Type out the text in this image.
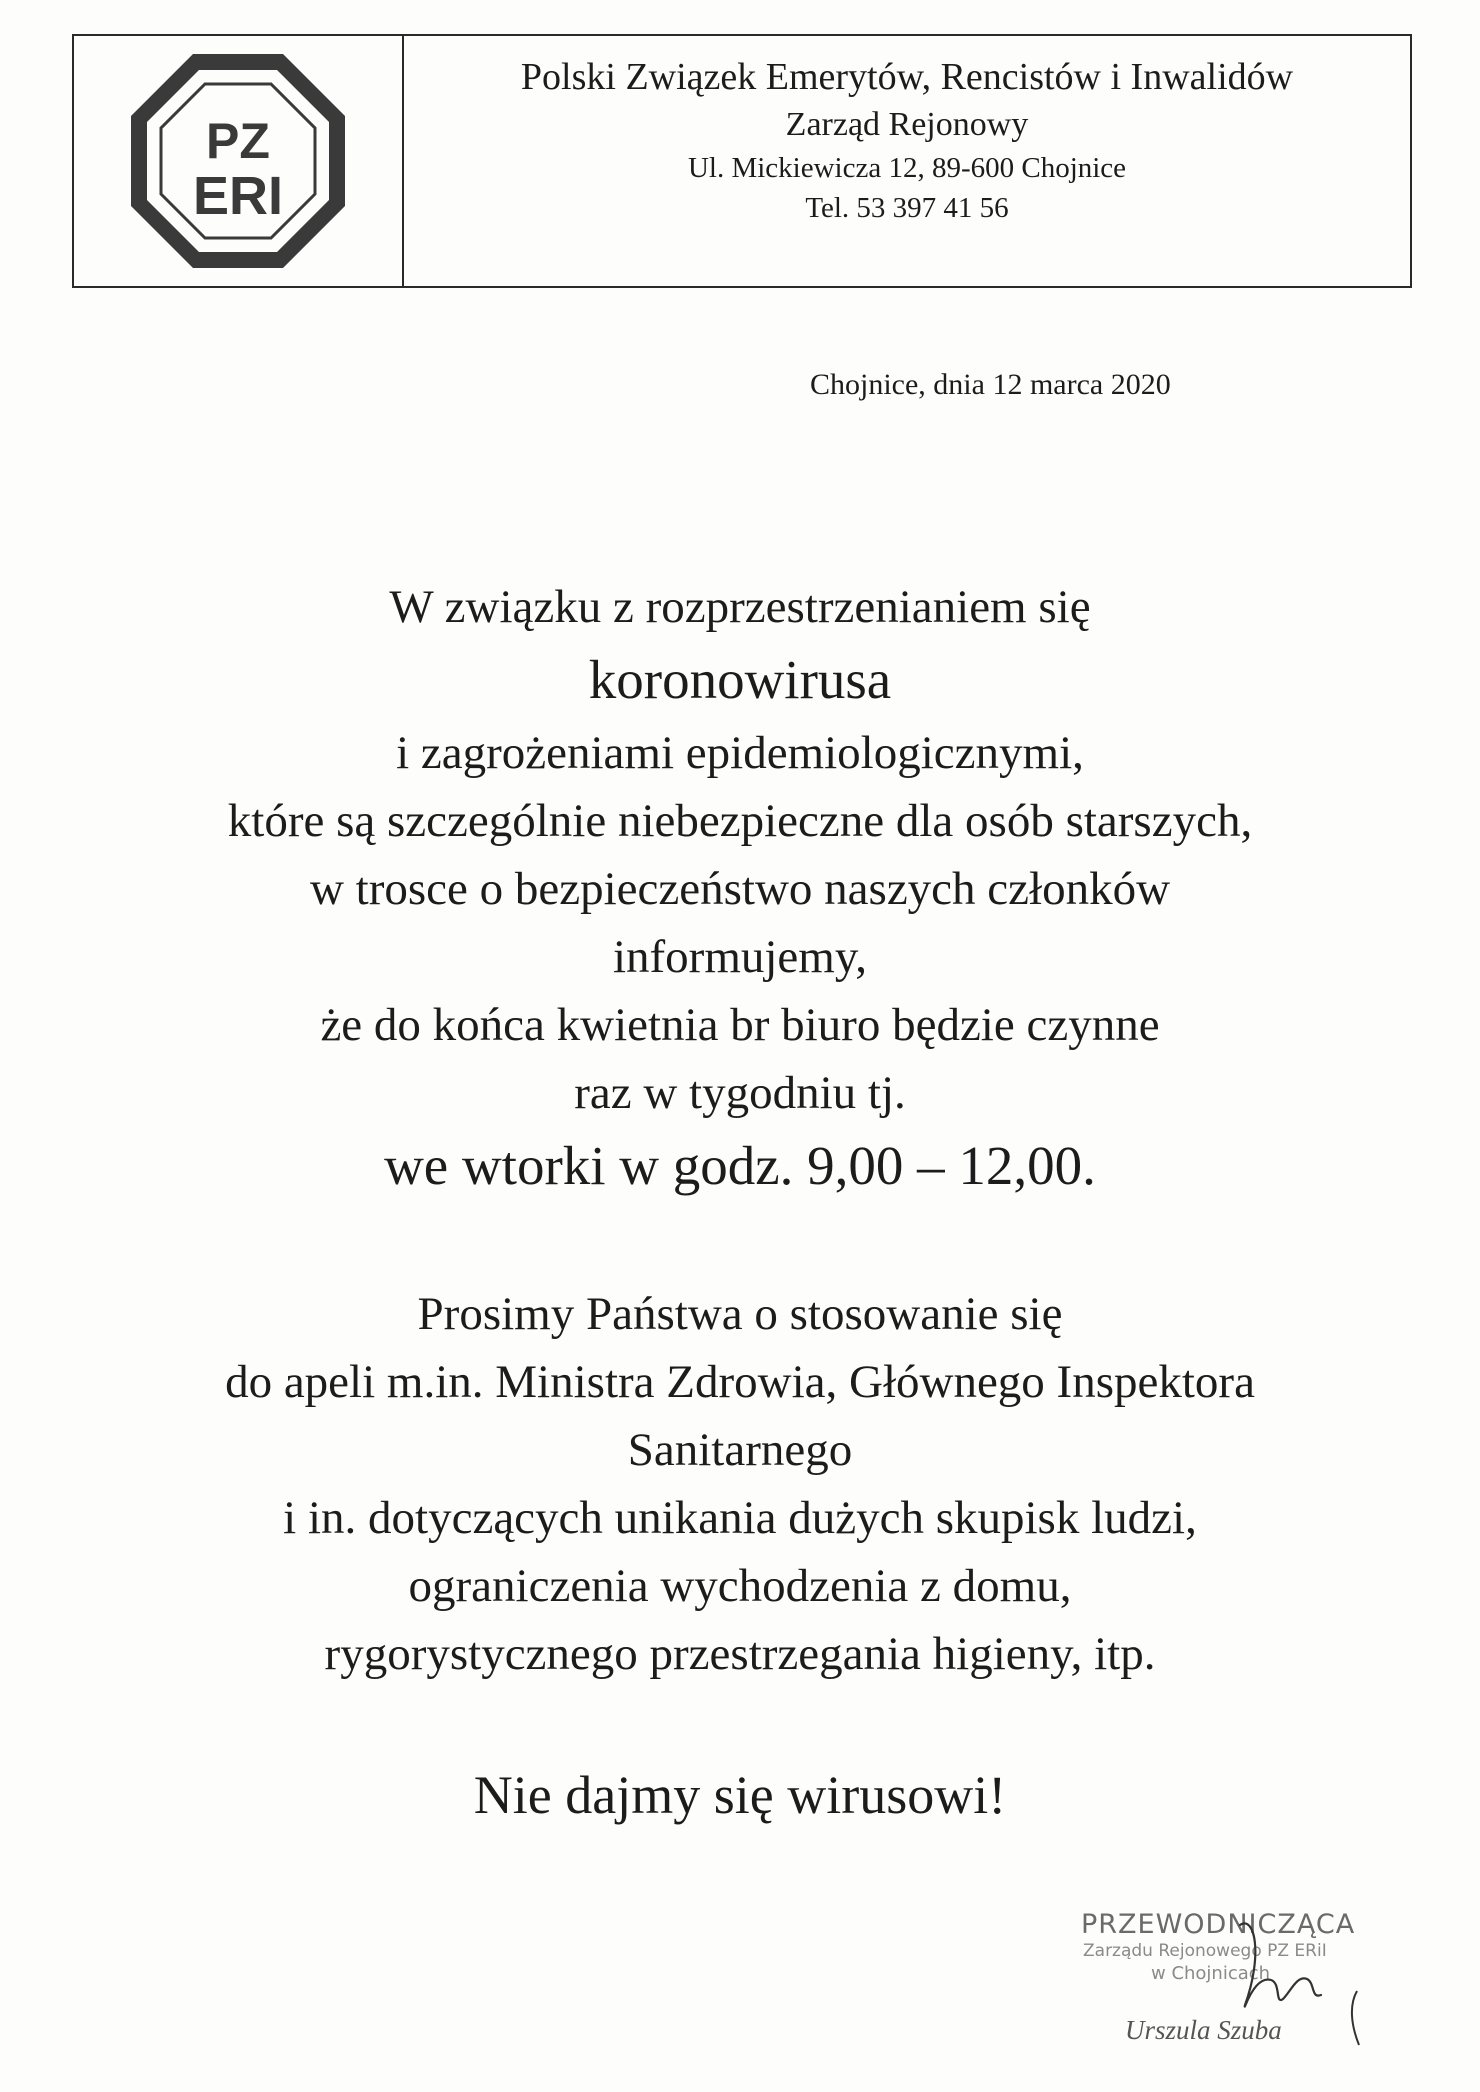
PZ
ERI
Polski Związek Emerytów, Rencistów i Inwalidów
Zarząd Rejonowy
Ul. Mickiewicza 12, 89-600 Chojnice
Tel. 53 397 41 56
Chojnice, dnia 12 marca 2020
W związku z rozprzestrzenianiem się
koronowirusa
i zagrożeniami epidemiologicznymi,
które są szczególnie niebezpieczne dla osób starszych,
w trosce o bezpieczeństwo naszych członków
informujemy,
że do końca kwietnia br biuro będzie czynne
raz w tygodniu tj.
we wtorki w godz. 9,00 – 12,00.
Prosimy Państwa o stosowanie się
do apeli m.in. Ministra Zdrowia, Głównego Inspektora
Sanitarnego
i in. dotyczących unikania dużych skupisk ludzi,
ograniczenia wychodzenia z domu,
rygorystycznego przestrzegania higieny, itp.
Nie dajmy się wirusowi!
PRZEWODNICZĄCA
Zarządu Rejonowego PZ ERiI
w Chojnicach
Urszula Szuba
